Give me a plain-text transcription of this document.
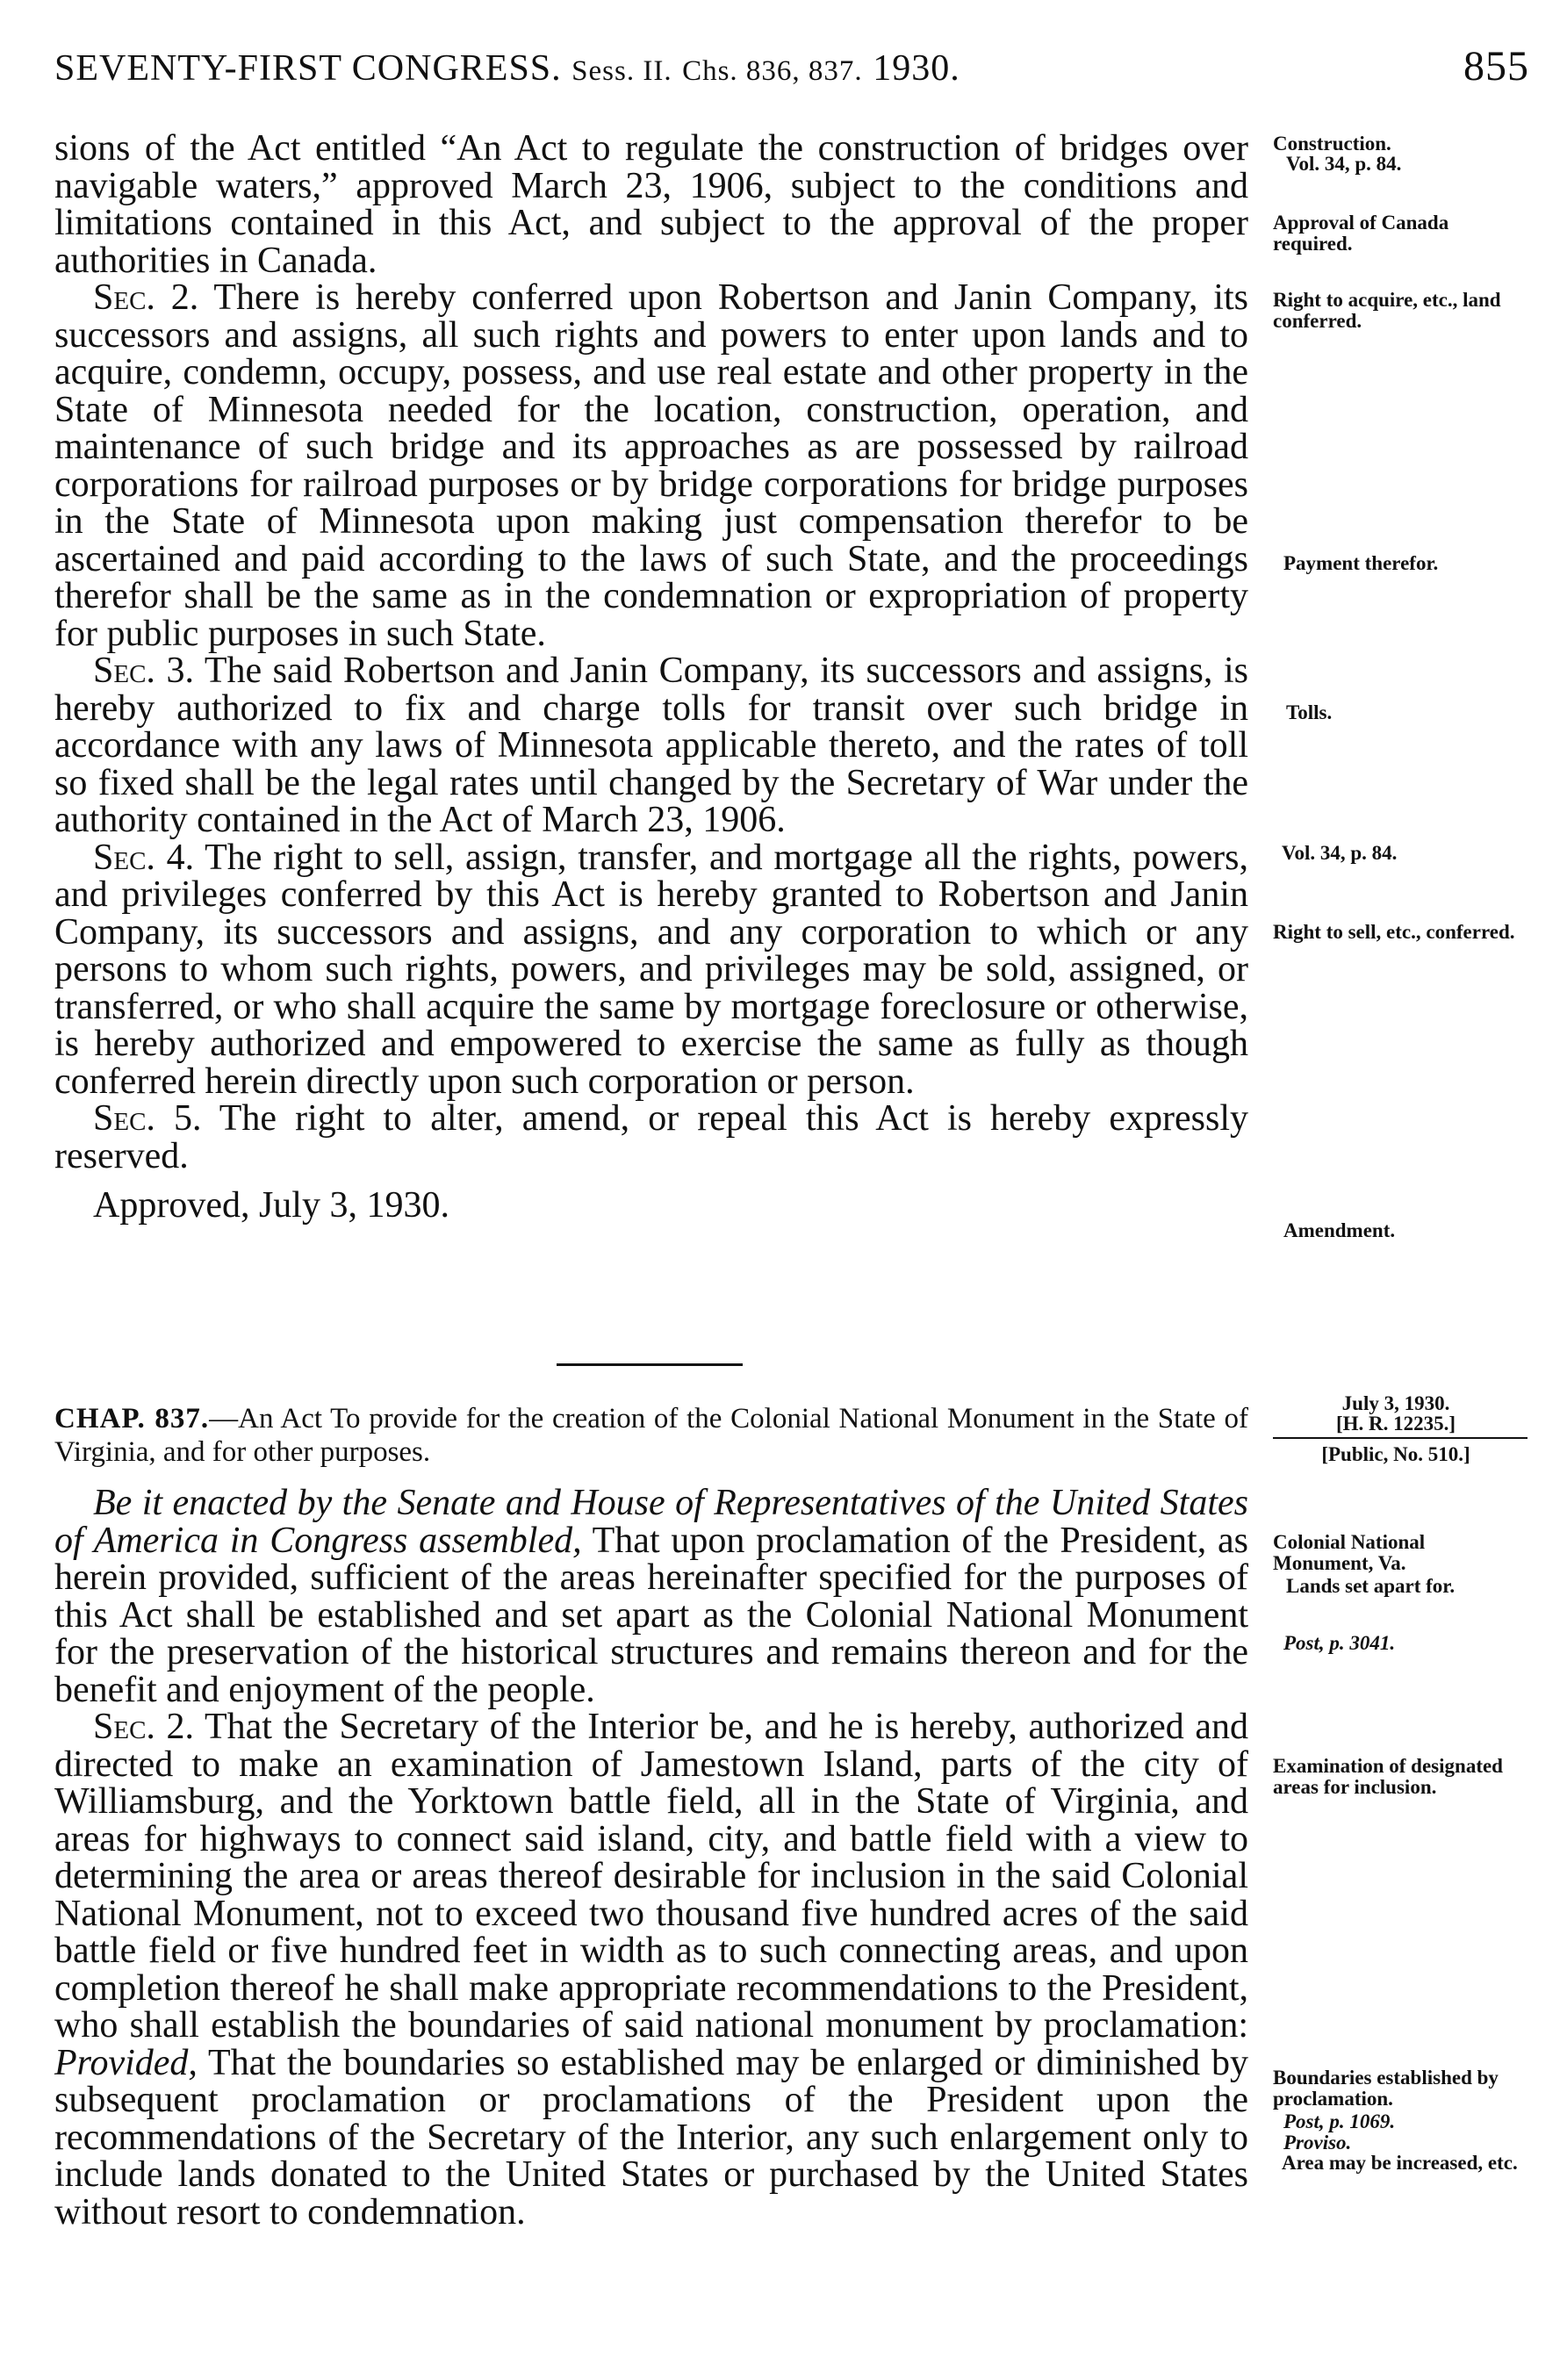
SEVENTY-FIRST CONGRESS. Sess. II. Chs. 836, 837. 1930.	855

sions of the Act entitled “An Act to regulate the construction of bridges over navigable waters,” approved March 23, 1906, subject to the conditions and limitations contained in this Act, and subject to the approval of the proper authorities in Canada.

Sec. 2. There is hereby conferred upon Robertson and Janin Company, its successors and assigns, all such rights and powers to enter upon lands and to acquire, condemn, occupy, possess, and use real estate and other property in the State of Minnesota needed for the location, construction, operation, and maintenance of such bridge and its approaches as are possessed by railroad corporations for railroad purposes or by bridge corporations for bridge purposes in the State of Minnesota upon making just compensation therefor to be ascertained and paid according to the laws of such State, and the proceedings therefor shall be the same as in the condemnation or expropriation of property for public purposes in such State.

Sec. 3. The said Robertson and Janin Company, its successors and assigns, is hereby authorized to fix and charge tolls for transit over such bridge in accordance with any laws of Minnesota applicable thereto, and the rates of toll so fixed shall be the legal rates until changed by the Secretary of War under the authority contained in the Act of March 23, 1906.

Sec. 4. The right to sell, assign, transfer, and mortgage all the rights, powers, and privileges conferred by this Act is hereby granted to Robertson and Janin Company, its successors and assigns, and any corporation to which or any persons to whom such rights, powers, and privileges may be sold, assigned, or transferred, or who shall acquire the same by mortgage foreclosure or otherwise, is hereby authorized and empowered to exercise the same as fully as though conferred herein directly upon such corporation or person.

Sec. 5. The right to alter, amend, or repeal this Act is hereby expressly reserved.

Approved, July 3, 1930.

CHAP. 837.—An Act To provide for the creation of the Colonial National Monument in the State of Virginia, and for other purposes.

Be it enacted by the Senate and House of Representatives of the United States of America in Congress assembled, That upon proclamation of the President, as herein provided, sufficient of the areas hereinafter specified for the purposes of this Act shall be established and set apart as the Colonial National Monument for the preservation of the historical structures and remains thereon and for the benefit and enjoyment of the people.

Sec. 2. That the Secretary of the Interior be, and he is hereby, authorized and directed to make an examination of Jamestown Island, parts of the city of Williamsburg, and the Yorktown battle field, all in the State of Virginia, and areas for highways to connect said island, city, and battle field with a view to determining the area or areas thereof desirable for inclusion in the said Colonial National Monument, not to exceed two thousand five hundred acres of the said battle field or five hundred feet in width as to such connecting areas, and upon completion thereof he shall make appropriate recommendations to the President, who shall establish the boundaries of said national monument by proclamation: Provided, That the boundaries so established may be enlarged or diminished by subsequent proclamation or proclamations of the President upon the recommendations of the Secretary of the Interior, any such enlargement only to include lands donated to the United States or purchased by the United States without resort to condemnation.

Construction.
Vol. 34, p. 84.
Approval of Canada required.
Right to acquire, etc., land conferred.
Payment therefor.
Tolls.
Vol. 34, p. 84.
Right to sell, etc., conferred.
Amendment.
July 3, 1930.
[H. R. 12235.]
[Public, No. 510.]
Colonial National Monument, Va.
Lands set apart for.
Post, p. 3041.
Examination of designated areas for inclusion.
Boundaries established by proclamation.
Post, p. 1069.
Proviso.
Area may be increased, etc.
